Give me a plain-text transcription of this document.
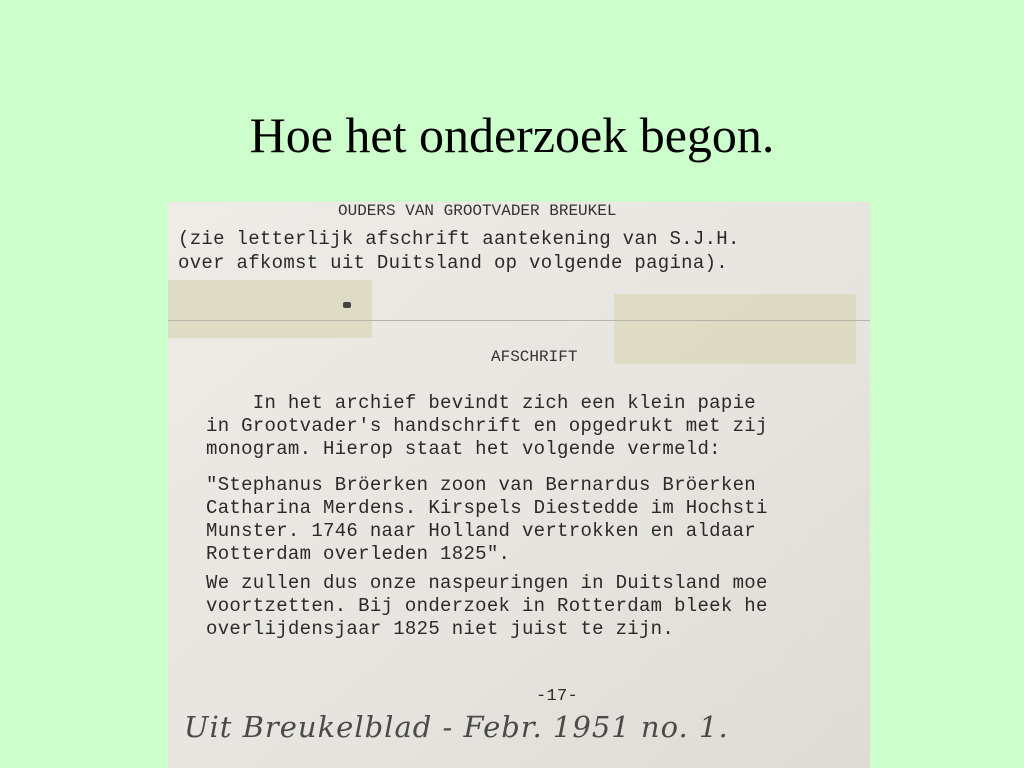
Hoe het onderzoek begon.
OUDERS VAN GROOTVADER BREUKEL
(zie letterlijk afschrift aantekening van S.J.H.
over afkomst uit Duitsland op volgende pagina).
AFSCHRIFT
In het archief bevindt zich een klein papie
in Grootvader's handschrift en opgedrukt met zij
monogram. Hierop staat het volgende vermeld:
"Stephanus Bröerken zoon van Bernardus Bröerken
Catharina Merdens. Kirspels Diestedde im Hochsti
Munster. 1746 naar Holland vertrokken en aldaar
Rotterdam overleden 1825".
We zullen dus onze naspeuringen in Duitsland moe
voortzetten. Bij onderzoek in Rotterdam bleek he
overlijdensjaar 1825 niet juist te zijn.
-17-
Uit Breukelblad - Febr. 1951 no. 1.
